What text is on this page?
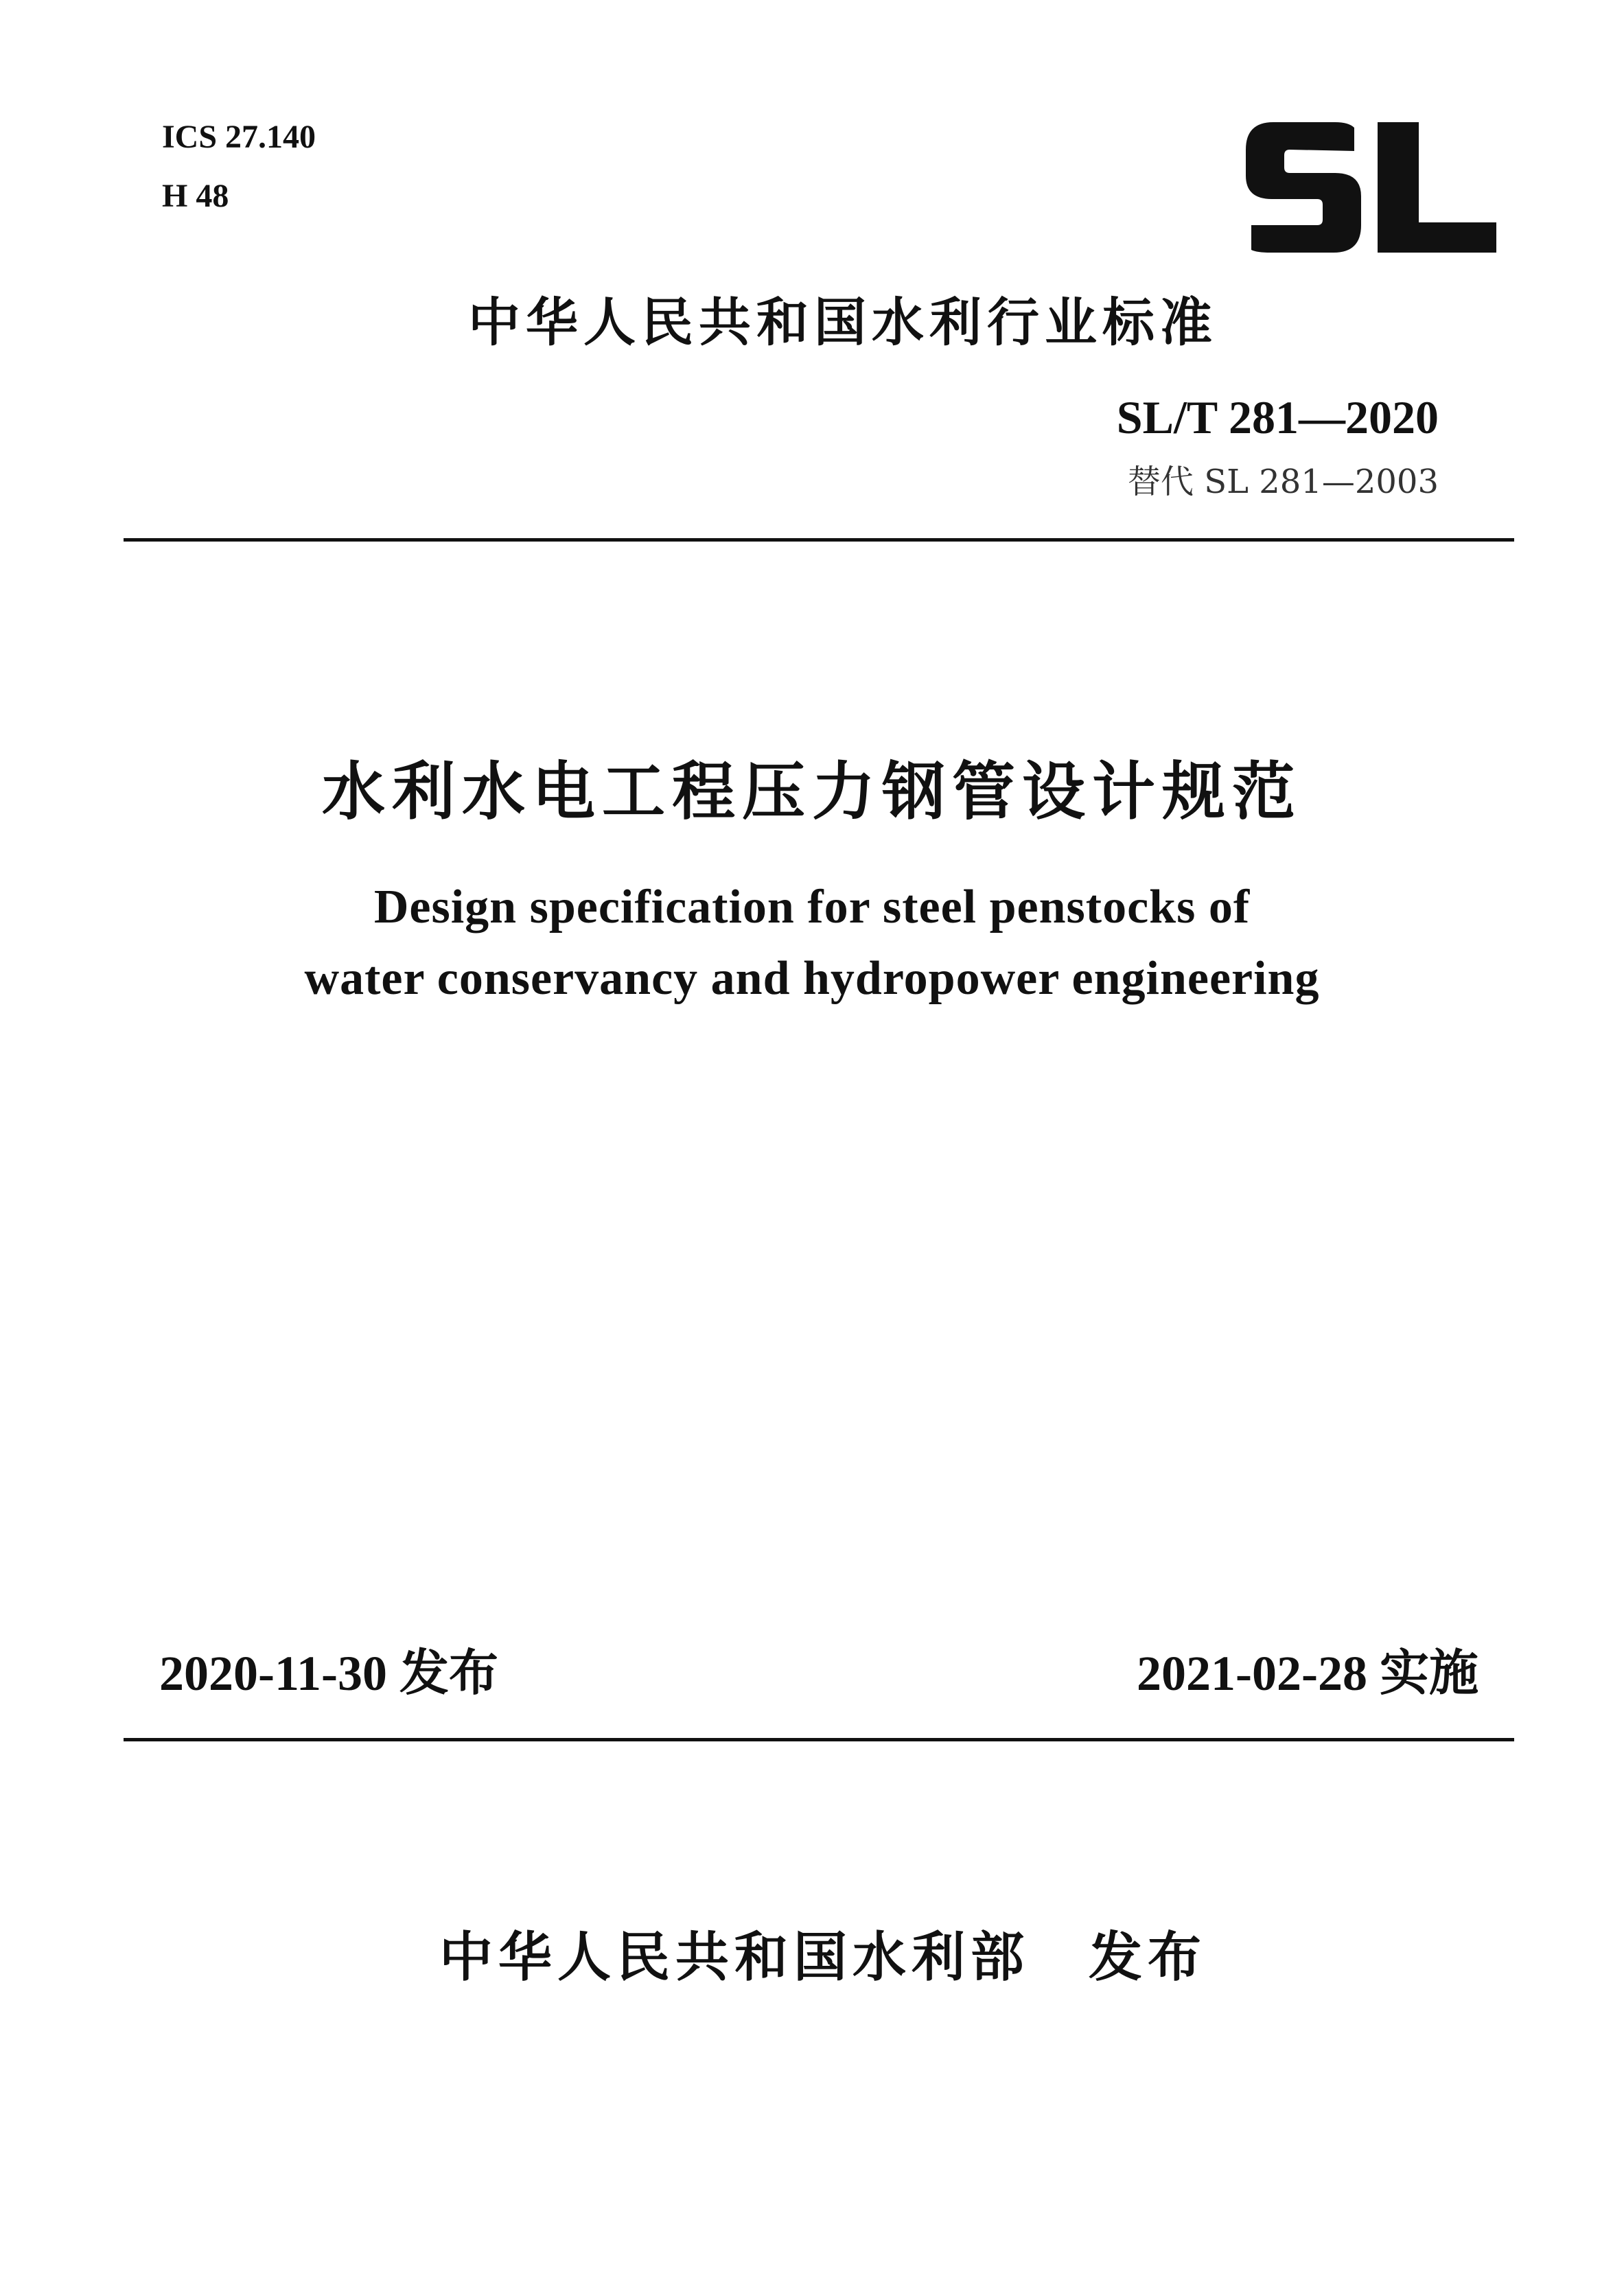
ICS 27.140
H 48
中华人民共和国水利行业标准
SL/T 281—2020
替代 SL 281—2003
水利水电工程压力钢管设计规范
Design specification for steel penstocks of
water conservancy and hydropower engineering
2020-11-30 发布	2021-02-28 实施
中华人民共和国水利部 发布
